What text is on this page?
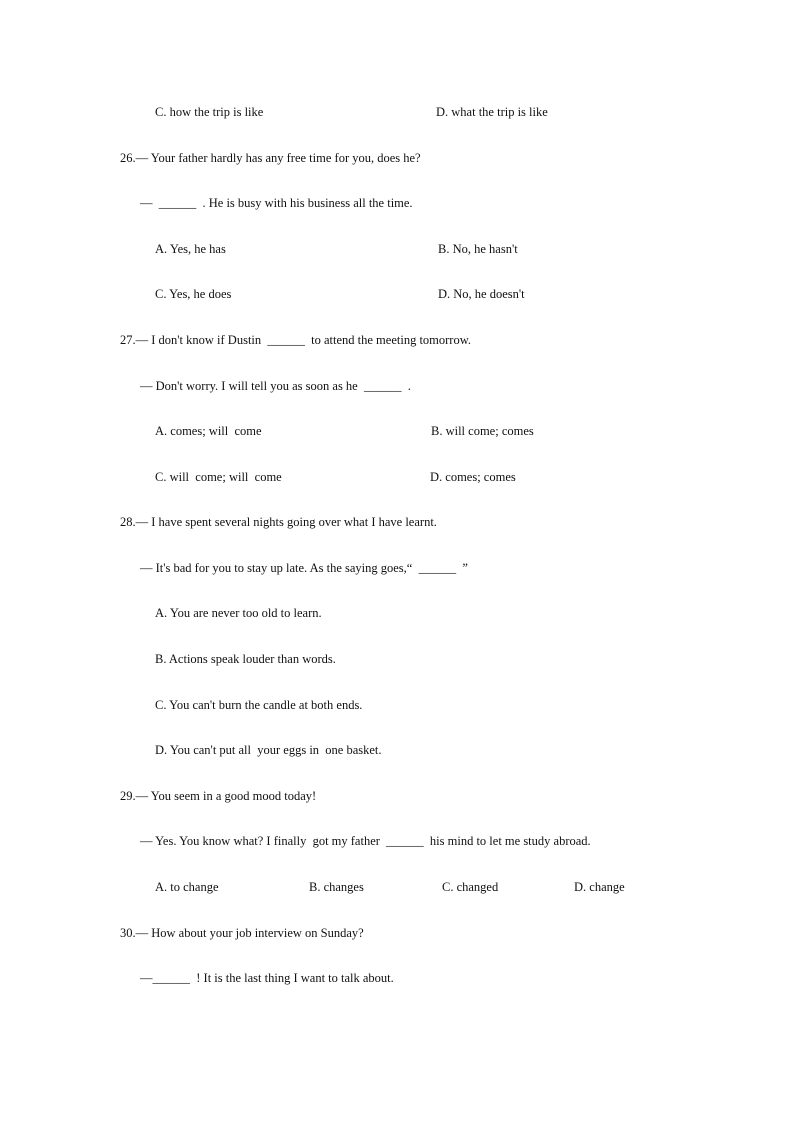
C. how the trip is like	D. what the trip is like
26.— Your father hardly has any free time for you, does he?
—  ______  . He is busy with his business all the time.
A. Yes, he has	B. No, he hasn't
C. Yes, he does	D. No, he doesn't
27.— I don't know if Dustin  ______  to attend the meeting tomorrow.
— Don't worry. I will tell you as soon as he  ______  .
A. comes; will  come	B. will come; comes
C. will  come; will  come	D. comes; comes
28.— I have spent several nights going over what I have learnt.
— It's bad for you to stay up late. As the saying goes,“  ______  ”
A. You are never too old to learn.
B. Actions speak louder than words.
C. You can't burn the candle at both ends.
D. You can't put all  your eggs in  one basket.
29.— You seem in a good mood today!
— Yes. You know what? I finally  got my father  ______  his mind to let me study abroad.
A. to change	B. changes	C. changed	D. change
30.— How about your job interview on Sunday?
—______  ! It is the last thing I want to talk about.
